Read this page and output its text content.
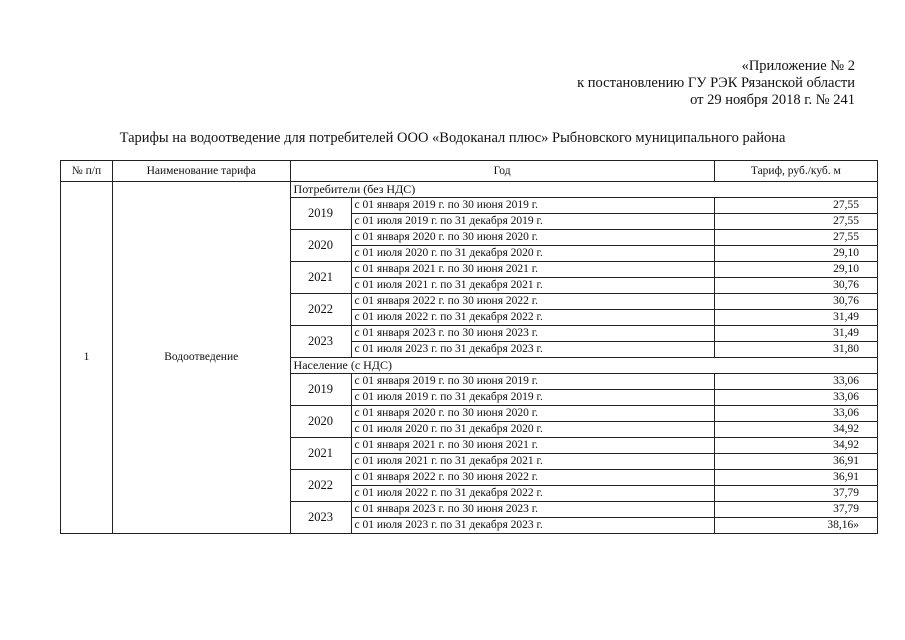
«Приложение № 2
к постановлению ГУ РЭК Рязанской области
от 29 ноября 2018 г. № 241
Тарифы на водоотведение для потребителей ООО «Водоканал плюс» Рыбновского муниципального района
№ п/п	Наименование тарифа	Год		Тариф, руб./куб. м
1	Водоотведение	Потребители (без НДС)		
		2019	с 01 января 2019 г. по 30 июня 2019 г.	27,55
			с 01 июля 2019 г. по 31 декабря 2019 г.	27,55
		2020	с 01 января 2020 г. по 30 июня 2020 г.	27,55
			с 01 июля 2020 г. по 31 декабря 2020 г.	29,10
		2021	с 01 января 2021 г. по 30 июня 2021 г.	29,10
			с 01 июля 2021 г. по 31 декабря 2021 г.	30,76
		2022	с 01 января 2022 г. по 30 июня 2022 г.	30,76
			с 01 июля 2022 г. по 31 декабря 2022 г.	31,49
		2023	с 01 января 2023 г. по 30 июня 2023 г.	31,49
			с 01 июля 2023 г. по 31 декабря 2023 г.	31,80
		Население (с НДС)		
		2019	с 01 января 2019 г. по 30 июня 2019 г.	33,06
			с 01 июля 2019 г. по 31 декабря 2019 г.	33,06
		2020	с 01 января 2020 г. по 30 июня 2020 г.	33,06
			с 01 июля 2020 г. по 31 декабря 2020 г.	34,92
		2021	с 01 января 2021 г. по 30 июня 2021 г.	34,92
			с 01 июля 2021 г. по 31 декабря 2021 г.	36,91
		2022	с 01 января 2022 г. по 30 июня 2022 г.	36,91
			с 01 июля 2022 г. по 31 декабря 2022 г.	37,79
		2023	с 01 января 2023 г. по 30 июня 2023 г.	37,79
			с 01 июля 2023 г. по 31 декабря 2023 г.	38,16»
